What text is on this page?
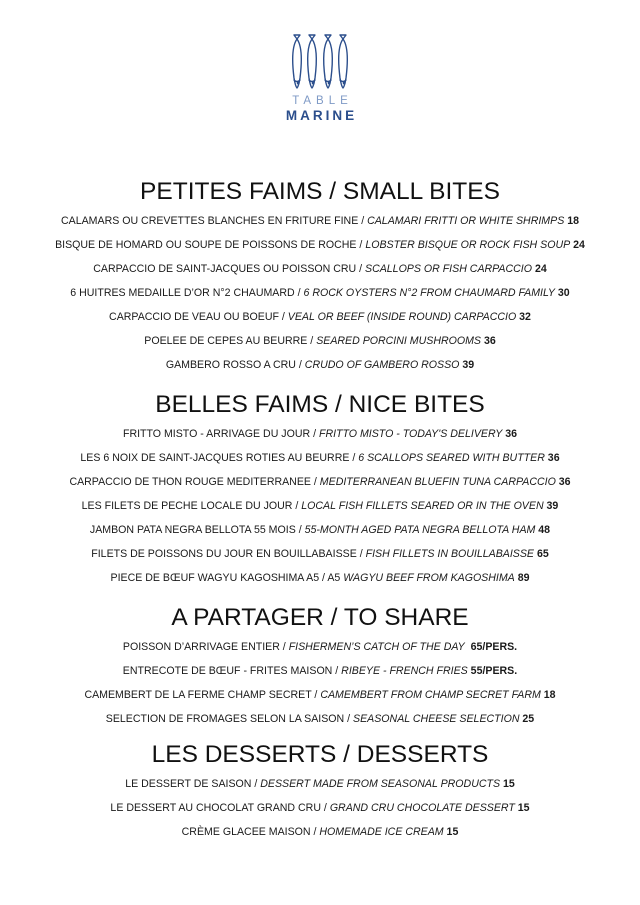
TABLE
MARINE
PETITES FAIMS / SMALL BITES
CALAMARS OU CREVETTES BLANCHES EN FRITURE FINE / CALAMARI FRITTI OR WHITE SHRIMPS 18
BISQUE DE HOMARD OU SOUPE DE POISSONS DE ROCHE / LOBSTER BISQUE OR ROCK FISH SOUP 24
CARPACCIO DE SAINT-JACQUES OU POISSON CRU / SCALLOPS OR FISH CARPACCIO 24
6 HUITRES MEDAILLE D’OR N°2 CHAUMARD / 6 ROCK OYSTERS N°2 FROM CHAUMARD FAMILY 30
CARPACCIO DE VEAU OU BOEUF / VEAL OR BEEF (INSIDE ROUND) CARPACCIO 32
POELEE DE CEPES AU BEURRE / SEARED PORCINI MUSHROOMS 36
GAMBERO ROSSO A CRU / CRUDO OF GAMBERO ROSSO 39
BELLES FAIMS / NICE BITES
FRITTO MISTO - ARRIVAGE DU JOUR / FRITTO MISTO - TODAY'S DELIVERY 36
LES 6 NOIX DE SAINT-JACQUES ROTIES AU BEURRE / 6 SCALLOPS SEARED WITH BUTTER 36
CARPACCIO DE THON ROUGE MEDITERRANEE / MEDITERRANEAN BLUEFIN TUNA CARPACCIO 36
LES FILETS DE PECHE LOCALE DU JOUR / LOCAL FISH FILLETS SEARED OR IN THE OVEN 39
JAMBON PATA NEGRA BELLOTA 55 MOIS / 55-MONTH AGED PATA NEGRA BELLOTA HAM 48
FILETS DE POISSONS DU JOUR EN BOUILLABAISSE / FISH FILLETS IN BOUILLABAISSE 65
PIECE DE BŒUF WAGYU KAGOSHIMA A5 / A5 WAGYU BEEF FROM KAGOSHIMA 89
A PARTAGER / TO SHARE
POISSON D’ARRIVAGE ENTIER / FISHERMEN’S CATCH OF THE DAY  65/PERS.
ENTRECOTE DE BŒUF - FRITES MAISON / RIBEYE - FRENCH FRIES 55/PERS.
CAMEMBERT DE LA FERME CHAMP SECRET / CAMEMBERT FROM CHAMP SECRET FARM 18
SELECTION DE FROMAGES SELON LA SAISON / SEASONAL CHEESE SELECTION 25
LES DESSERTS / DESSERTS
LE DESSERT DE SAISON / DESSERT MADE FROM SEASONAL PRODUCTS 15
LE DESSERT AU CHOCOLAT GRAND CRU / GRAND CRU CHOCOLATE DESSERT 15
CRÈME GLACEE MAISON / HOMEMADE ICE CREAM 15
